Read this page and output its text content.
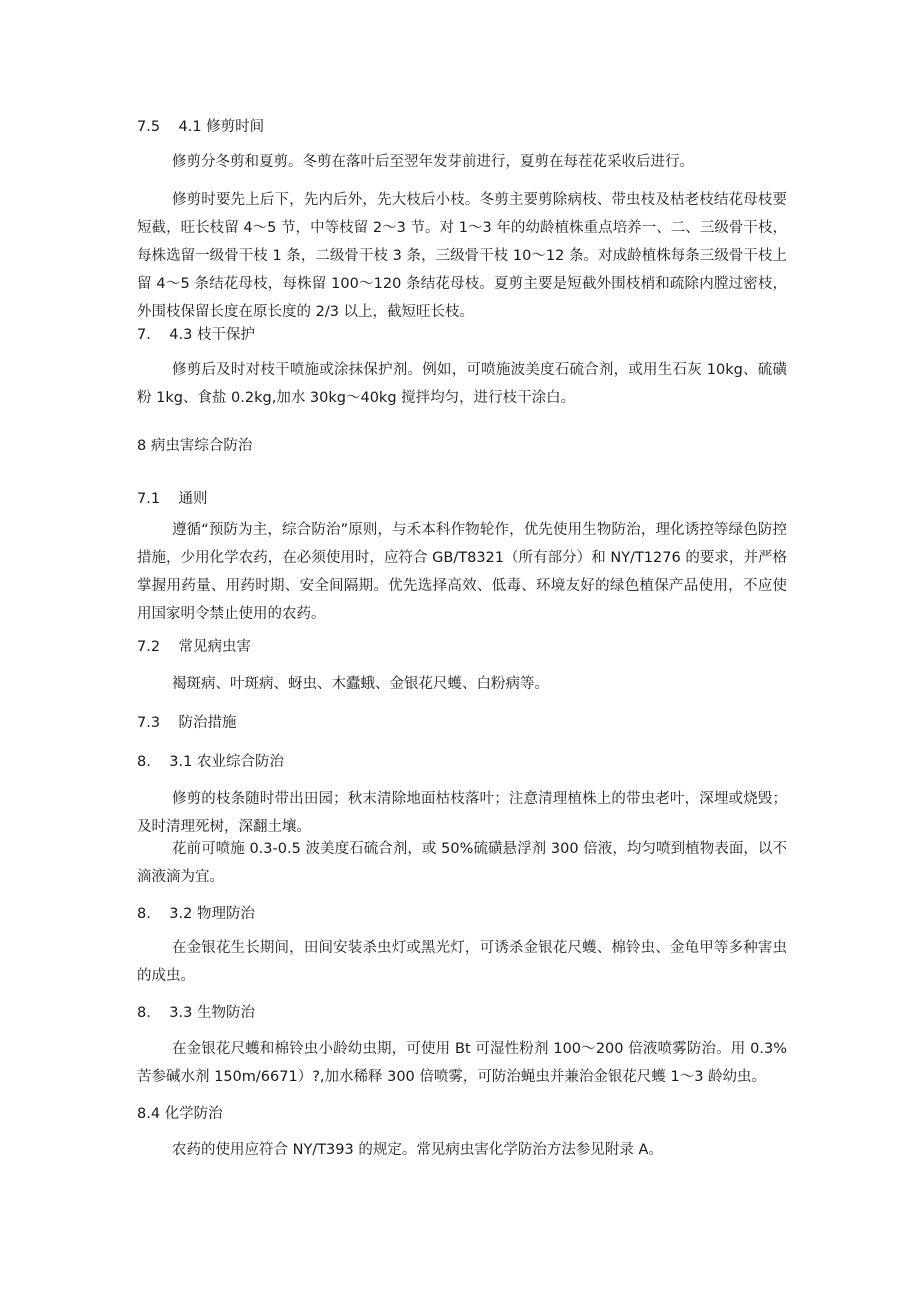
7.5    4.1 修剪时间
修剪分冬剪和夏剪。冬剪在落叶后至翌年发芽前进行，夏剪在每茬花采收后进行。
修剪时要先上后下，先内后外，先大枝后小枝。冬剪主要剪除病枝、带虫枝及枯老枝结花母枝要短截，旺长枝留 4～5 节，中等枝留 2～3 节。对 1～3 年的幼龄植株重点培养一、二、三级骨干枝，每株选留一级骨干枝 1 条，二级骨干枝 3 条，三级骨干枝 10～12 条。对成龄植株每条三级骨干枝上留 4～5 条结花母枝，每株留 100～120 条结花母枝。夏剪主要是短截外围枝梢和疏除内膛过密枝，外围枝保留长度在原长度的 2/3 以上，截短旺长枝。
7.    4.3 枝干保护
修剪后及时对枝干喷施或涂抹保护剂。例如，可喷施波美度石硫合剂，或用生石灰 10kg、硫磺粉 1kg、食盐 0.2kg,加水 30kg～40kg 搅拌均匀，进行枝干涂白。
8 病虫害综合防治
7.1    通则
遵循“预防为主，综合防治”原则，与禾本科作物轮作，优先使用生物防治，理化诱控等绿色防控措施，少用化学农药，在必须使用时，应符合 GB/T8321（所有部分）和 NY/T1276 的要求，并严格掌握用药量、用药时期、安全间隔期。优先选择高效、低毒、环境友好的绿色植保产品使用，不应使用国家明令禁止使用的农药。
7.2    常见病虫害
褐斑病、叶斑病、蚜虫、木蠹蛾、金银花尺蠖、白粉病等。
7.3    防治措施
8.    3.1 农业综合防治
修剪的枝条随时带出田园；秋末清除地面枯枝落叶；注意清理植株上的带虫老叶，深埋或烧毁；及时清理死树，深翻土壤。
花前可喷施 0.3-0.5 波美度石硫合剂，或 50%硫磺悬浮剂 300 倍液，均匀喷到植物表面，以不滴液滴为宜。
8.    3.2 物理防治
在金银花生长期间，田间安装杀虫灯或黑光灯，可诱杀金银花尺蠖、棉铃虫、金龟甲等多种害虫的成虫。
8.    3.3 生物防治
在金银花尺蠖和棉铃虫小龄幼虫期，可使用 Bt 可湿性粉剂 100～200 倍液喷雾防治。用 0.3%苦参碱水剂 150m/6671）?,加水稀释 300 倍喷雾，可防治蝇虫并兼治金银花尺蠖 1～3 龄幼虫。
8.4 化学防治
农药的使用应符合 NY/T393 的规定。常见病虫害化学防治方法参见附录 A。
